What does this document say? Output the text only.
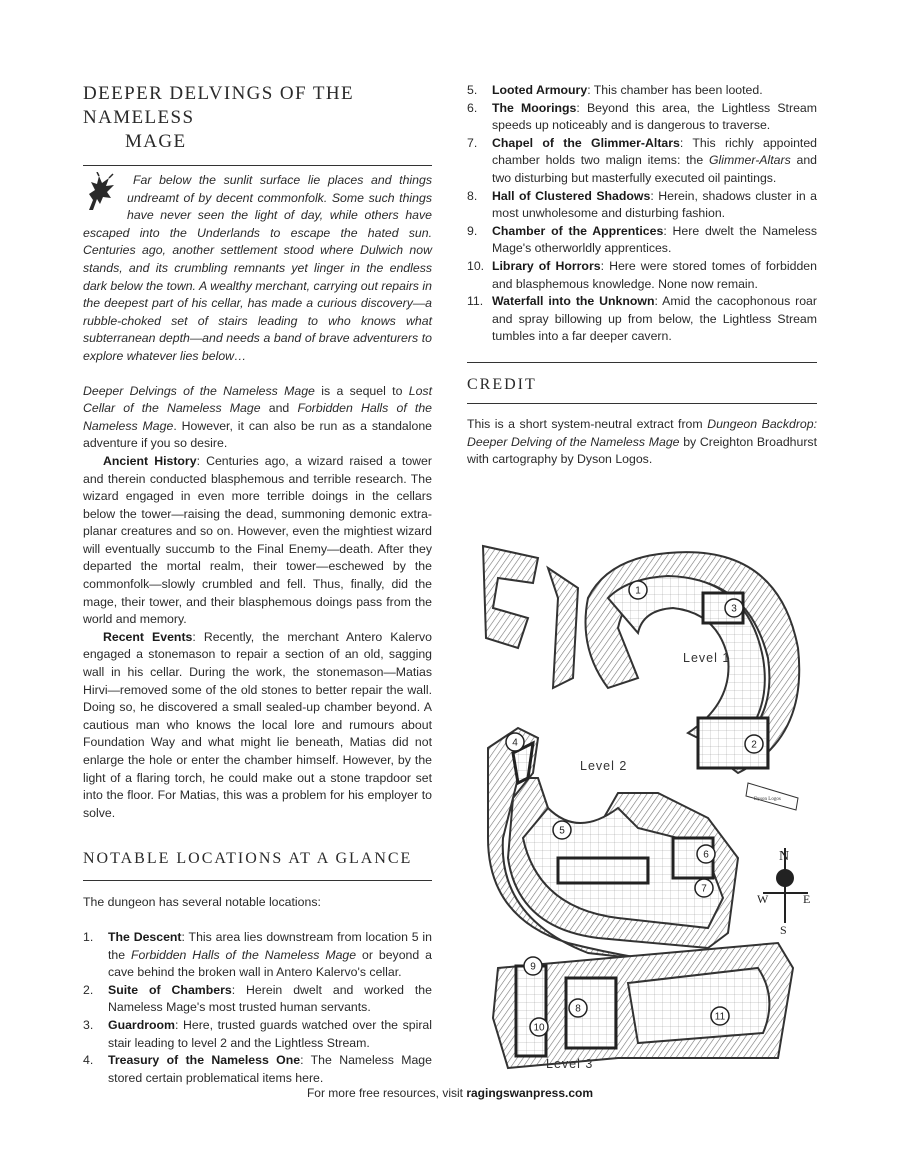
DEEPER DELVINGS OF THE NAMELESS
MAGE

Far below the sunlit surface lie places and things undreamt of by decent commonfolk. Some such things have never seen the light of day, while others have escaped into the Underlands to escape the hated sun. Centuries ago, another settlement stood where Dulwich now stands, and its crumbling remnants yet linger in the endless dark below the town. A wealthy merchant, carrying out repairs in the deepest part of his cellar, has made a curious discovery—a rubble-choked set of stairs leading to who knows what subterranean depth—and needs a band of brave adventurers to explore whatever lies below…

Deeper Delvings of the Nameless Mage is a sequel to Lost Cellar of the Nameless Mage and Forbidden Halls of the Nameless Mage. However, it can also be run as a standalone adventure if you so desire.

Ancient History: Centuries ago, a wizard raised a tower and therein conducted blasphemous and terrible research. The wizard engaged in even more terrible doings in the cellars below the tower—raising the dead, summoning demonic extra-planar creatures and so on. However, even the mightiest wizard will eventually succumb to the Final Enemy—death. After they departed the mortal realm, their tower—eschewed by the commonfolk—slowly crumbled and fell. Thus, finally, did the mage, their tower, and their blasphemous doings pass from the world and memory.

Recent Events: Recently, the merchant Antero Kalervo engaged a stonemason to repair a section of an old, sagging wall in his cellar. During the work, the stonemason—Matias Hirvi—removed some of the old stones to better repair the wall. Doing so, he discovered a small sealed-up chamber beyond. A cautious man who knows the local lore and rumours about Foundation Way and what might lie beneath, Matias did not enlarge the hole or enter the chamber himself. However, by the light of a flaring torch, he could make out a stone trapdoor set into the floor. For Matias, this was a problem for his employer to solve.

NOTABLE LOCATIONS AT A GLANCE

The dungeon has several notable locations:

1. The Descent: This area lies downstream from location 5 in the Forbidden Halls of the Nameless Mage or beyond a cave behind the broken wall in Antero Kalervo's cellar.
2. Suite of Chambers: Herein dwelt and worked the Nameless Mage's most trusted human servants.
3. Guardroom: Here, trusted guards watched over the spiral stair leading to level 2 and the Lightless Stream.
4. Treasury of the Nameless One: The Nameless Mage stored certain problematical items here.
5. Looted Armoury: This chamber has been looted.
6. The Moorings: Beyond this area, the Lightless Stream speeds up noticeably and is dangerous to traverse.
7. Chapel of the Glimmer-Altars: This richly appointed chamber holds two malign items: the Glimmer-Altars and two disturbing but masterfully executed oil paintings.
8. Hall of Clustered Shadows: Herein, shadows cluster in a most unwholesome and disturbing fashion.
9. Chamber of the Apprentices: Here dwelt the Nameless Mage's otherworldly apprentices.
10. Library of Horrors: Here were stored tomes of forbidden and blasphemous knowledge. None now remain.
11. Waterfall into the Unknown: Amid the cacophonous roar and spray billowing up from below, the Lightless Stream tumbles into a far deeper cavern.
CREDIT

This is a short system-neutral extract from Dungeon Backdrop: Deeper Delving of the Nameless Mage by Creighton Broadhurst with cartography by Dyson Logos.

Level 1
Level 2
Dyson Logos
N
S
W	E
Level 3
1
2
3
4
5
6
7
8
9
10
11
For more free resources, visit ragingswanpress.com
